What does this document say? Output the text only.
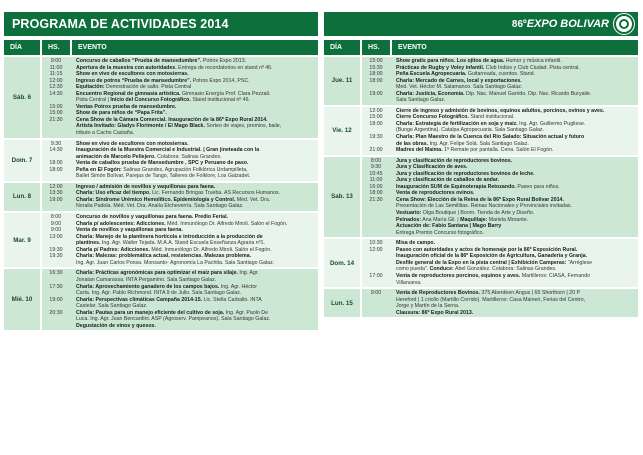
PROGRAMA DE ACTIVIDADES 2014
DÍA	HS.	EVENTO
Sáb. 6
9:00	Concurso de caballos “Prueba de mansedumbre”. Potros Expo 2013.
11:00	Apertura de la muestra con autoridades. Entrega de recordatorios en stand nº 46.
11:15	Show en vivo de escultores con motosierras.
12:00	Ingreso de potros “Prueba de mansedumbre”. Potros Expo 2014, PSC.
12:30	Equitación: Demostración de salto. Pista Central
14:30	Encuentro Regional de gimnasia artística. Gimnasio Energía Prof. Clara Pezzali.
Pista Central | Inicio del Concurso Fotográfico. Stand institucional nº 46.
15:00	Ventas Potros prueba de mansedumbre.
15:00	Show de para niños de “Papa Frita”.
21:30	Cena Show de la Cámara Comercial. Inauguración de la 86º Expo Rural 2014.
Artista Invitado: Gladys Florimonte / El Mago Black. Sorteo de viajes, premios, baile,
tributo a Cacho Castaña.
Dom. 7
9:30	Show en vivo de escultores con motosierras.
14:30	Inauguración de la Muestra Comercial e Industrial. | Gran jineteada con la
animación de Marcelo Pellejero. Colabora: Salinas Grandes.
18:00	Venta de caballos prueba de Mansedumbre , SPC y Peruano de paso.
18:00	Peña en El Fogón: Salinas Grandes, Agrupación Folklórica Urdampilleta,
Ballet Simón Bolívar, Parejas de Tango, Talleres de Folklore, Los Galzadet.
Lun. 8
12:00	Ingreso / admisión de novillos y vaquillonas para faena.
13:30	Charla: Uso eficaz del tiempo. Lic. Fernando Bringas Trueba. AS Recursos Humanos.
19:00	Charla: Síndrome Urémico Hemolítico. Epidemiología y Control. Méd. Vet. Dra.
Noralia Padola. Méd. Vet. Dra. Analía Etcheverría. Sala Santiago Galaz.
Mar. 9
8:00	Concurso de novillos y vaquillonas para faena. Predio Ferial.
9:00	Charla p/ adolescentes: Adicciones. Méd. Inmunólogo Dr. Alfredo Miroli. Salón el Fogón.
9:00	Venta de novillos y vaquillonas para faena.
13:00	Charla: Manejo de la plantinera hortícola e introducción a la producción de
plantines. Ing. Agr. Walter Tejada. M.A.A. Stand Escuela Enseñanza Agraria nº1.
19:30	Charla p/ Padres: Adicciones. Méd. Inmunólogo Dr. Alfredo Miroli. Salón el Fogón.
19:30	Charla: Malezas: problemática actual, resistencias. Malezas problema.
Ing. Agr. Juan Carlos Ponsa. Monsanto- Agronomía La Pachita. Sala Santiago Galaz.
Mié. 10
16:30	Charla: Prácticas agronómicas para optimizar el maíz para silaje. Ing. Agr.
Jonatan Camarassa. INTA Pergamino. Sala Santiago Galaz.
17:30	Charla: Aprovechamiento ganadero de los campos bajos. Ing. Agr. Héctor
Carta. Ing. Agr. Pablo Richmond. INTA 9 de Julio. Sala Santiago Galaz.
19:00	Charla: Perspectivas climáticas Campaña 2014-15. Lic. Stella Carballo. INTA
Castelar. Sala Santiago Galaz.
20:30	Charla: Pautas para un manejo eficiente del cultivo de soja. Ing. Agr. Paolo De
Luca. Ing. Agr. Juan Bencardini. ASP (Agroserv. Pampeanos). Sala Santiago Galaz.
Degustación de vinos y quesos.
86ºEXPO BOLIVAR
DÍA	HS.	EVENTO
Jue. 11
15:00	Show gratis para niños. Los ojitos de agua. Humor y música infantil.
15:30	Prácticas de Rugby y Voley infantil. Club Indios y Club Ciudad. Pista central.
18:00	Peña Escuela Agropecuaria. Guitarreada, cuentos. Stand.
18:00	Charla: Mercado de Carnes, local y exportaciones.
Med. Vet. Héctor M. Salamanco. Sala Santiago Galaz.
19:00	Charla: Justicia, Economía. Dip. Nac. Manuel Garrido. Dip. Nac. Ricardo Buryaile.
Sala Santiago Galaz.
Vie. 12
12:00	Cierre de ingreso y admisión de bovinos, equinos adultos, porcinos, ovinos y aves.
15:00	Cierre Concurso Fotográfico. Stand institucional.
18:00	Charla: Estrategia de fertilización en soja y maíz. Ing. Agr. Guillermo Pugliese.
(Bunge Argentina). Catalpa Agropecuaria. Sala Santiago Galaz.
19:30	Charla: Plan Maestro de la Cuenca del Río Salado: Situación actual y futuro
de las obras. Ing. Agr. Felipe Solá. Sala Santiago Galaz.
21:00	Madres del Maíma. 1º Remate por pantalla. Cena. Salón El Fogón.
Sab. 13
8:00	Jura y clasificación de reproductores bovinos.
9:30	Jura y Clasificación de aves.
10:45	Jura y clasificación de reproductores bovinos de leche.
11:00	Jura y clasificación de caballos de andar.
16:00	Inauguración SUM de Equinoterapia Retozando. Paseo para niños.
18:00	Venta de reproductores ovinos.
21:30	Cena Show: Elección de la Reina de la 86º Expo Rural Bolivar 2014.
Presentación de Las Semillitas. Reinas Nacionales y Provinciales invitadas.
Vestuario: Olga Boutique | Boom. Tienda de Arte y Diseño.
Peinados: Ana María Gil. | Maquillaje: Mariela Morante.
Actuación de: Fabio Santana | Mago Barry
Entrega Premio Concurso fotográfico.
Dom. 14
10:30	Misa de campo.
12:00	Paseo con autoridades y actos de homenaje por la 86º Exposición Rural.
Inauguración oficial de la 86º Exposición de Agricultura, Ganadería y Granja.
Desfile general de la Expo en la pista central | Exhibición Camperas: “Arréglese
como pueda”. Conduce: Abel González. Colabora: Salinas Grandes.
17:00	Venta de reproductores porcinos, equinos y aves. Martilleros: CIASA, Fernando
Villanueva.
Lun. 15
9:00	Venta de Reproductores Bovinos. 375 Aberdeen Angus | 65 Shorthorn | 20 P
Hereford | 1 criollo (Martillo Corrido). Martilleros: Casa Maineri, Ferias del Centro,
Jorge y Martín de la Serna.
Clausura: 86º Expo Rural 2013.
